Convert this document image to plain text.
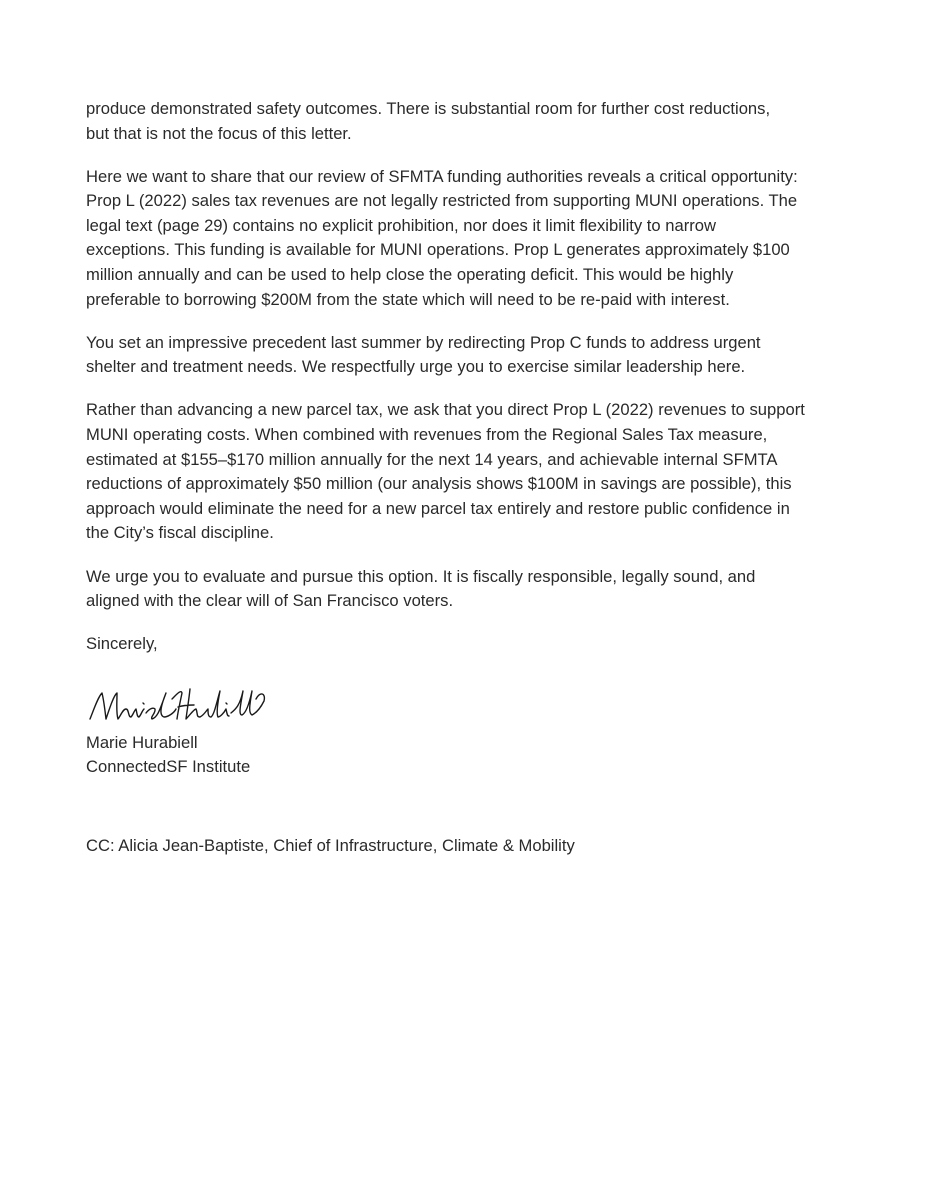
produce demonstrated safety outcomes. There is substantial room for further cost reductions,
but that is not the focus of this letter.

Here we want to share that our review of SFMTA funding authorities reveals a critical opportunity:
Prop L (2022) sales tax revenues are not legally restricted from supporting MUNI operations. The
legal text (page 29) contains no explicit prohibition, nor does it limit flexibility to narrow
exceptions. This funding is available for MUNI operations. Prop L generates approximately $100
million annually and can be used to help close the operating deficit. This would be highly
preferable to borrowing $200M from the state which will need to be re-paid with interest.

You set an impressive precedent last summer by redirecting Prop C funds to address urgent
shelter and treatment needs. We respectfully urge you to exercise similar leadership here.

Rather than advancing a new parcel tax, we ask that you direct Prop L (2022) revenues to support
MUNI operating costs. When combined with revenues from the Regional Sales Tax measure,
estimated at $155–$170 million annually for the next 14 years, and achievable internal SFMTA
reductions of approximately $50 million (our analysis shows $100M in savings are possible), this
approach would eliminate the need for a new parcel tax entirely and restore public confidence in
the City’s fiscal discipline.

We urge you to evaluate and pursue this option. It is fiscally responsible, legally sound, and
aligned with the clear will of San Francisco voters.

Sincerely,

Marie Hurabiell
ConnectedSF Institute
CC: Alicia Jean-Baptiste, Chief of Infrastructure, Climate & Mobility
